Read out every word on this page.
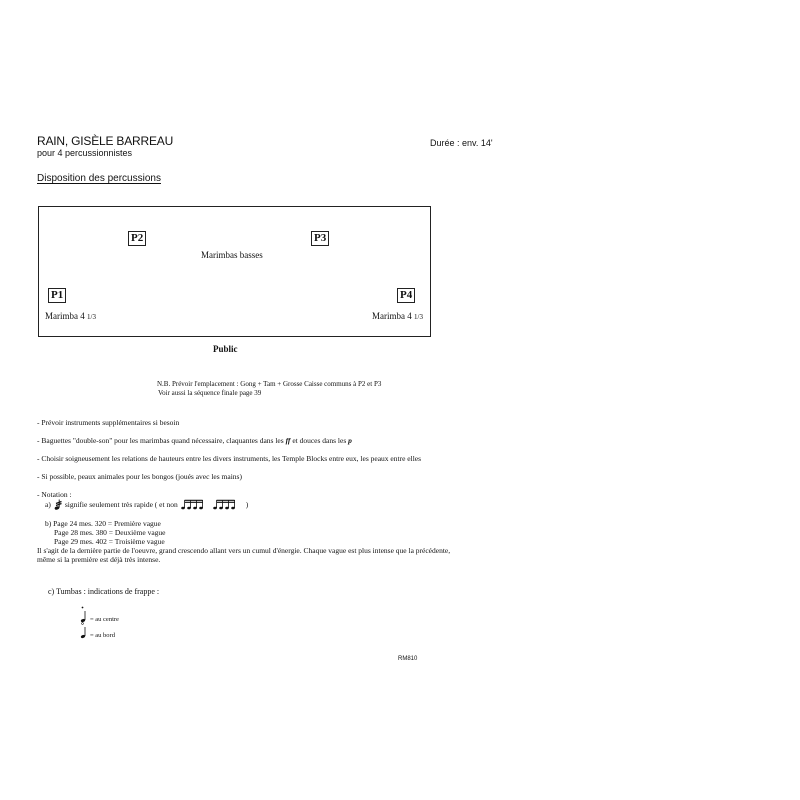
RAIN, GISÈLE BARREAU
pour 4 percussionnistes
Durée : env. 14'
Disposition des percussions
P2	P3
Marimbas basses
P1	P4
Marimba 4 1/3	Marimba 4 1/3
Public
N.B. Prévoir l'emplacement : Gong + Tam + Grosse Caisse communs à P2 et P3
Voir aussi la séquence finale page 39
- Prévoir instruments supplémentaires si besoin
- Baguettes "double-son" pour les marimbas quand nécessaire, claquantes dans les ff et douces dans les p
- Choisir soigneusement les relations de hauteurs entre les divers instruments, les Temple Blocks entre eux, les peaux entre elles
- Si possible, peaux animales pour les bongos (joués avec les mains)
- Notation :
a) signifie seulement très rapide ( et non	)
b) Page 24 mes. 320 = Première vague
Page 28 mes. 380 = Deuxième vague
Page 29 mes. 402 = Troisième vague
Il s'agit de la dernière partie de l'oeuvre, grand crescendo allant vers un cumul d'énergie. Chaque vague est plus intense que la précédente,
même si la première est déjà très intense.
c) Tumbas : indications de frappe :
= au centre
= au bord
RM810
